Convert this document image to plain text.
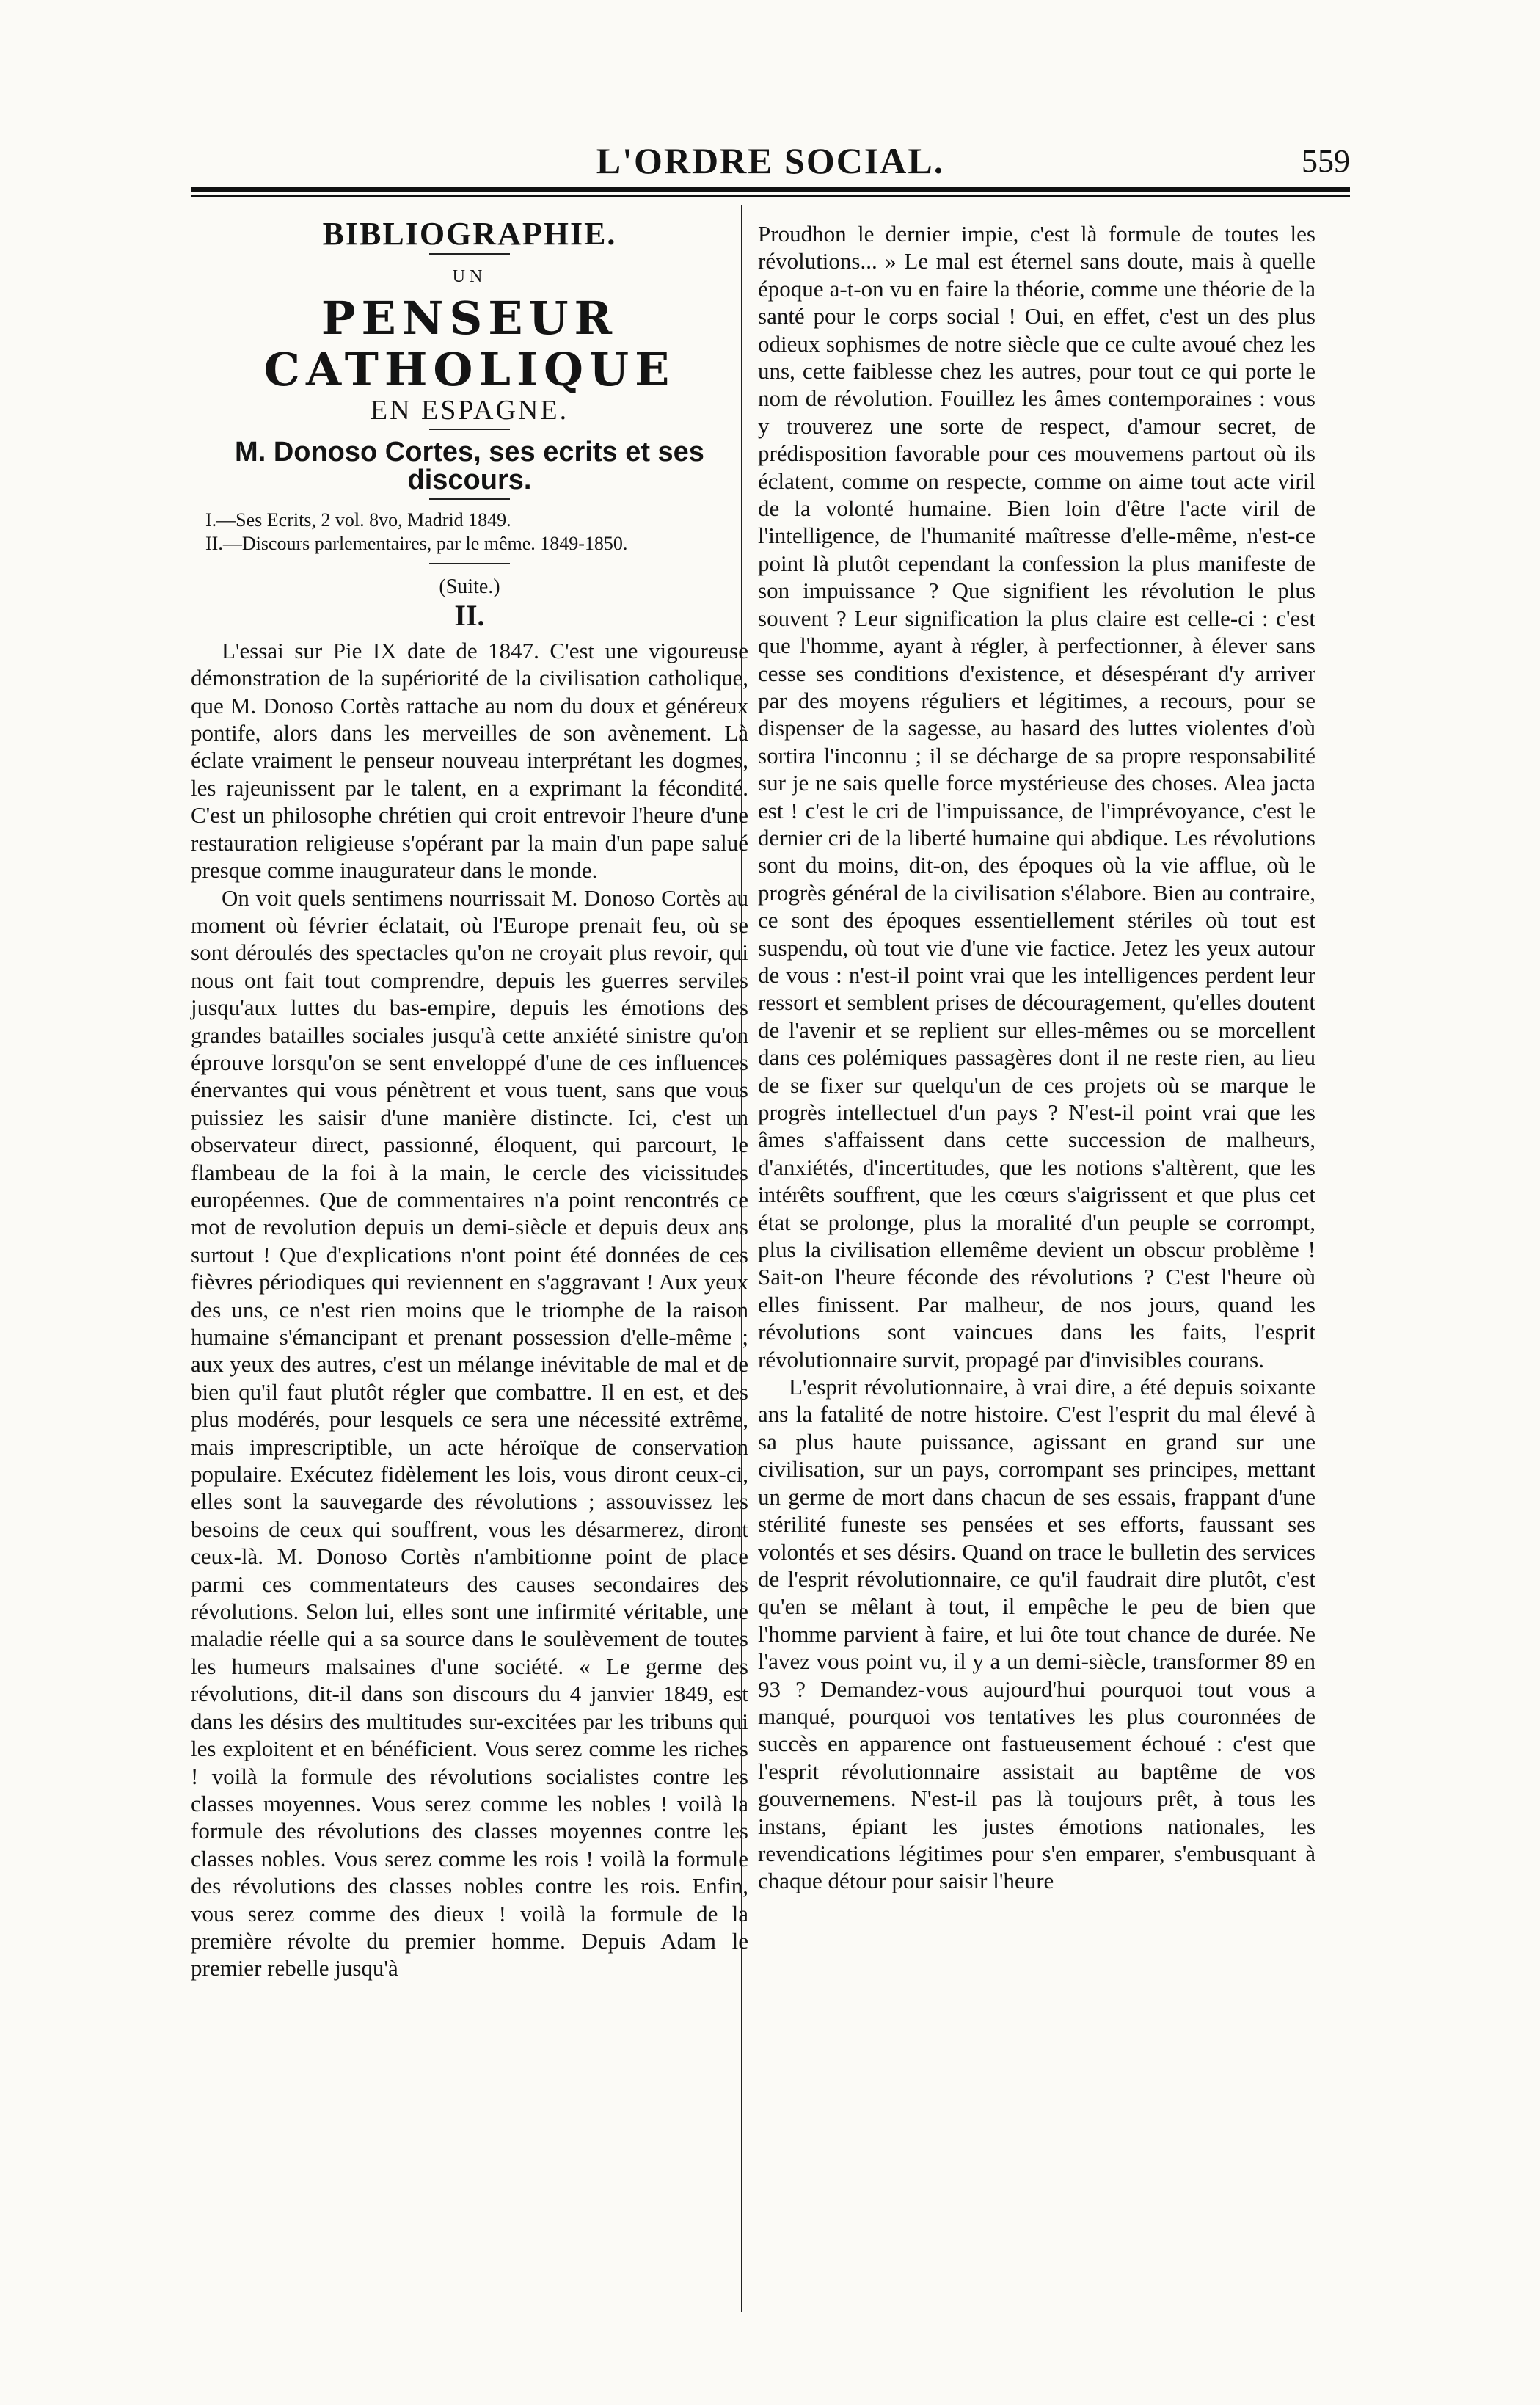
L'ORDRE SOCIAL.	559
BIBLIOGRAPHIE.
UN
PENSEUR CATHOLIQUE
EN ESPAGNE.
M. Donoso Cortes, ses ecrits et ses discours.
I.—Ses Ecrits, 2 vol. 8vo, Madrid 1849.
II.—Discours parlementaires, par le même. 1849-1850.
(Suite.)
II.

L'essai sur Pie IX date de 1847. C'est une vigoureuse démonstration de la supériorité de la civilisation catholique, que M. Donoso Cortès rattache au nom du doux et généreux pontife, alors dans les merveilles de son avènement. Là éclate vraiment le penseur nouveau interprétant les dogmes, les rajeunissent par le talent, en a exprimant la fécondité. C'est un philosophe chrétien qui croit entrevoir l'heure d'une restauration religieuse s'opérant par la main d'un pape salué presque comme inaugurateur dans le monde.

On voit quels sentimens nourrissait M. Donoso Cortès au moment où février éclatait, où l'Europe prenait feu, où se sont déroulés des spectacles qu'on ne croyait plus revoir, qui nous ont fait tout comprendre, depuis les guerres serviles jusqu'aux luttes du bas-empire, depuis les émotions des grandes batailles sociales jusqu'à cette anxiété sinistre qu'on éprouve lorsqu'on se sent enveloppé d'une de ces influences énervantes qui vous pénètrent et vous tuent, sans que vous puissiez les saisir d'une manière distincte. Ici, c'est un observateur direct, passionné, éloquent, qui parcourt, le flambeau de la foi à la main, le cercle des vicissitudes européennes. Que de commentaires n'a point rencontrés ce mot de revolution depuis un demi-siècle et depuis deux ans surtout ! Que d'explications n'ont point été données de ces fièvres périodiques qui reviennent en s'aggravant ! Aux yeux des uns, ce n'est rien moins que le triomphe de la raison humaine s'émancipant et prenant possession d'elle-même ; aux yeux des autres, c'est un mélange inévitable de mal et de bien qu'il faut plutôt régler que combattre. Il en est, et des plus modérés, pour lesquels ce sera une nécessité extrême, mais imprescriptible, un acte héroïque de conservation populaire. Exécutez fidèlement les lois, vous diront ceux-ci, elles sont la sauvegarde des révolutions ; assouvissez les besoins de ceux qui souffrent, vous les désarmerez, diront ceux-là. M. Donoso Cortès n'ambitionne point de place parmi ces commentateurs des causes secondaires des révolutions. Selon lui, elles sont une infirmité véritable, une maladie réelle qui a sa source dans le soulèvement de toutes les humeurs malsaines d'une société. « Le germe des révolutions, dit-il dans son discours du 4 janvier 1849, est dans les désirs des multitudes sur-excitées par les tribuns qui les exploitent et en bénéficient. Vous serez comme les riches ! voilà la formule des révolutions socialistes contre les classes moyennes. Vous serez comme les nobles ! voilà la formule des révolutions des classes moyennes contre les classes nobles. Vous serez comme les rois ! voilà la formule des révolutions des classes nobles contre les rois. Enfin, vous serez comme des dieux ! voilà la formule de la première révolte du premier homme. Depuis Adam le premier rebelle jusqu'à

Proudhon le dernier impie, c'est là formule de toutes les révolutions... » Le mal est éternel sans doute, mais à quelle époque a-t-on vu en faire la théorie, comme une théorie de la santé pour le corps social ! Oui, en effet, c'est un des plus odieux sophismes de notre siècle que ce culte avoué chez les uns, cette faiblesse chez les autres, pour tout ce qui porte le nom de révolution. Fouillez les âmes contemporaines : vous y trouverez une sorte de respect, d'amour secret, de prédisposition favorable pour ces mouvemens partout où ils éclatent, comme on respecte, comme on aime tout acte viril de la volonté humaine. Bien loin d'être l'acte viril de l'intelligence, de l'humanité maîtresse d'elle-même, n'est-ce point là plutôt cependant la confession la plus manifeste de son impuissance ? Que signifient les révolution le plus souvent ? Leur signification la plus claire est celle-ci : c'est que l'homme, ayant à régler, à perfectionner, à élever sans cesse ses conditions d'existence, et désespérant d'y arriver par des moyens réguliers et légitimes, a recours, pour se dispenser de la sagesse, au hasard des luttes violentes d'où sortira l'inconnu ; il se décharge de sa propre responsabilité sur je ne sais quelle force mystérieuse des choses. Alea jacta est ! c'est le cri de l'impuissance, de l'imprévoyance, c'est le dernier cri de la liberté humaine qui abdique. Les révolutions sont du moins, dit-on, des époques où la vie afflue, où le progrès général de la civilisation s'élabore. Bien au contraire, ce sont des époques essentiellement stériles où tout est suspendu, où tout vie d'une vie factice. Jetez les yeux autour de vous : n'est-il point vrai que les intelligences perdent leur ressort et semblent prises de découragement, qu'elles doutent de l'avenir et se replient sur elles-mêmes ou se morcellent dans ces polémiques passagères dont il ne reste rien, au lieu de se fixer sur quelqu'un de ces projets où se marque le progrès intellectuel d'un pays ? N'est-il point vrai que les âmes s'affaissent dans cette succession de malheurs, d'anxiétés, d'incertitudes, que les notions s'altèrent, que les intérêts souffrent, que les cœurs s'aigrissent et que plus cet état se prolonge, plus la moralité d'un peuple se corrompt, plus la civilisation ellemême devient un obscur problème ! Sait-on l'heure féconde des révolutions ? C'est l'heure où elles finissent. Par malheur, de nos jours, quand les révolutions sont vaincues dans les faits, l'esprit révolutionnaire survit, propagé par d'invisibles courans.

L'esprit révolutionnaire, à vrai dire, a été depuis soixante ans la fatalité de notre histoire. C'est l'esprit du mal élevé à sa plus haute puissance, agissant en grand sur une civilisation, sur un pays, corrompant ses principes, mettant un germe de mort dans chacun de ses essais, frappant d'une stérilité funeste ses pensées et ses efforts, faussant ses volontés et ses désirs. Quand on trace le bulletin des services de l'esprit révolutionnaire, ce qu'il faudrait dire plutôt, c'est qu'en se mêlant à tout, il empêche le peu de bien que l'homme parvient à faire, et lui ôte tout chance de durée. Ne l'avez vous point vu, il y a un demi-siècle, transformer 89 en 93 ? Demandez-vous aujourd'hui pourquoi tout vous a manqué, pourquoi vos tentatives les plus couronnées de succès en apparence ont fastueusement échoué : c'est que l'esprit révolutionnaire assistait au baptême de vos gouvernemens. N'est-il pas là toujours prêt, à tous les instans, épiant les justes émotions nationales, les revendications légitimes pour s'en emparer, s'embusquant à chaque détour pour saisir l'heure
